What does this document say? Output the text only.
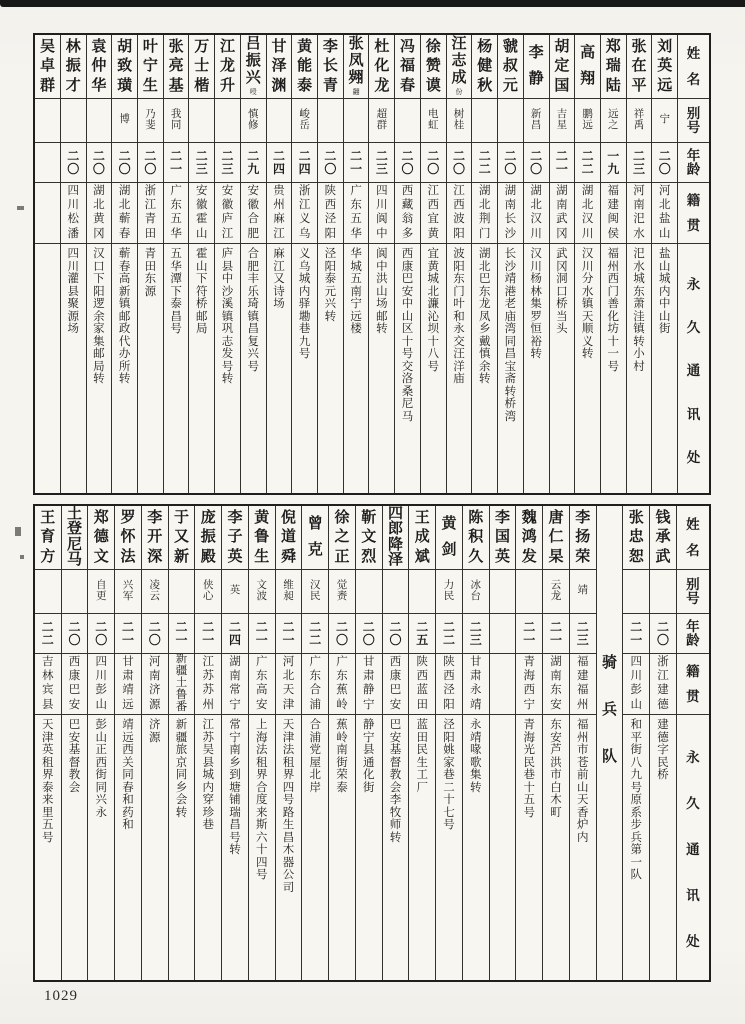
姓
名
别
号
年
龄
籍
贯
永
久
通
讯
处
刘
英
远
宁
二
〇
河
北
盐
山
盐
山
城
内
中
山
街
张
在
平
祥
禹
二
三
河
南
汜
水
汜
水
城
东
萧
洼
镇
转
小
村
郑
瑞
陆
远
之
一
九
福
建
闽
侯
福
州
西
门
善
化
坊
十
一
号
高
翔
鹏
远
二
二
湖
北
汉
川
汉
川
分
水
镇
天
顺
义
转
胡
定
国
吉
星
二
一
湖
南
武
冈
武
冈
洞
口
桥
当
头
李
静
新
昌
二
〇
湖
北
汉
川
汉
川
杨
林
集
罗
恒
裕
转
虢
叔
元
二
〇
湖
南
长
沙
长
沙
靖
港
老
庙
湾
同
昌
宝
斋
转
桥
湾
杨
健
秋
二
二
湖
北
荆
门
湖
北
巴
东
龙
凤
乡
戴
慎
余
转
汪
志
成
份
树
桂
二
〇
江
西
波
阳
波
阳
东
门
叶
和
永
交
汪
洋
庙
徐
赞
谟
电
虹
二
〇
江
西
宜
黄
宜
黄
城
北
濂
沁
坝
十
八
号
冯
福
春
二
〇
西
藏
翁
多
西
康
巴
安
中
山
区
十
号
交
洛
桑
尼
马
杜
化
龙
超
群
二
三
四
川
阆
中
阆
中
洪
山
场
邮
转
张
凤
翙
翽
二
一
广
东
五
华
华
城
五
南
宁
远
楼
李
长
青
二
〇
陕
西
泾
阳
泾
阳
泰
元
兴
转
黄
能
泰
峻
岳
二
四
浙
江
义
乌
义
乌
城
内
驿
墈
巷
九
号
甘
泽
渊
二
四
贵
州
麻
江
麻
江
又
诗
场
吕
振
兴
㖟
慎
修
二
九
安
徽
合
肥
合
肥
丰
乐
琦
镇
昌
复
兴
号
江
龙
升
二
三
安
徽
庐
江
庐
县
中
沙
溪
镇
巩
志
发
号
转
万
士
楷
二
三
安
徽
霍
山
霍
山
下
符
桥
邮
局
张
亮
基
我
同
二
一
广
东
五
华
五
华
潭
下
泰
昌
号
叶
宁
生
乃
斐
二
〇
浙
江
青
田
青
田
东
源
胡
致
璜
博
二
〇
湖
北
蕲
春
蕲
春
高
新
镇
邮
政
代
办
所
转
袁
仲
华
二
〇
湖
北
黄
冈
汉
口
下
阳
逻
余
家
集
邮
局
转
林
振
才
二
〇
四
川
松
潘
四
川
灌
县
聚
源
场
吴
卓
群
姓
名
别
号
年
龄
籍
贯
永
久
通
讯
处
钱
承
武
二
〇
浙
江
建
德
建
德
字
民
桥
张
忠
恕
二
一
四
川
彭
山
和
平
街
八
九
号
原
系
步
兵
第
一
队
骑
兵
队
李
扬
荣
靖
二
三
福
建
福
州
福
州
市
苍
前
山
天
香
炉
内
唐
仁
杲
云
龙
二
一
湖
南
东
安
东
安
芦
洪
市
白
木
町
魏
鸿
发
二
一
青
海
西
宁
青
海
光
民
巷
十
五
号
李
国
英
陈
积
久
冰
台
二
三
甘
肃
永
靖
永
靖
喙
歌
集
转
黄
剑
力
民
二
二
陕
西
泾
阳
泾
阳
姚
家
巷
二
十
七
号
王
成
斌
二
五
陕
西
蓝
田
蓝
田
民
生
工
厂
四
郎
降
泽
二
〇
西
康
巴
安
巴
安
基
督
教
会
李
牧
师
转
靳
文
烈
二
〇
甘
肃
静
宁
静
宁
县
通
化
街
徐
之
正
觉
赉
二
〇
广
东
蕉
岭
蕉
岭
南
街
荣
泰
曾
克
汉
民
二
二
广
东
合
浦
合
浦
党
屋
北
岸
倪
道
舜
维
昶
二
一
河
北
天
津
天
津
法
租
界
四
号
路
生
昌
木
器
公
司
黄
鲁
生
文
波
二
一
广
东
高
安
上
海
法
租
界
合
度
来
斯
六
十
四
号
李
子
英
英
二
四
湖
南
常
宁
常
宁
南
乡
到
塘
铺
瑞
昌
号
转
庞
振
殿
侠
心
二
一
江
苏
苏
州
江
苏
吴
县
城
内
穿
珍
巷
于
又
新
二
一
新
疆
土
鲁
番
新
疆
旅
京
同
乡
会
转
李
开
深
凌
云
二
〇
河
南
济
源
济
源
罗
怀
法
兴
军
二
一
甘
肃
靖
远
靖
远
西
关
同
春
和
药
和
郑
德
文
自
更
二
〇
四
川
彭
山
彭
山
正
西
街
同
兴
永
土
登
尼
马
二
〇
西
康
巴
安
巴
安
基
督
教
会
王
育
方
二
二
吉
林
宾
县
天
津
英
租
界
泰
来
里
五
号
1029
